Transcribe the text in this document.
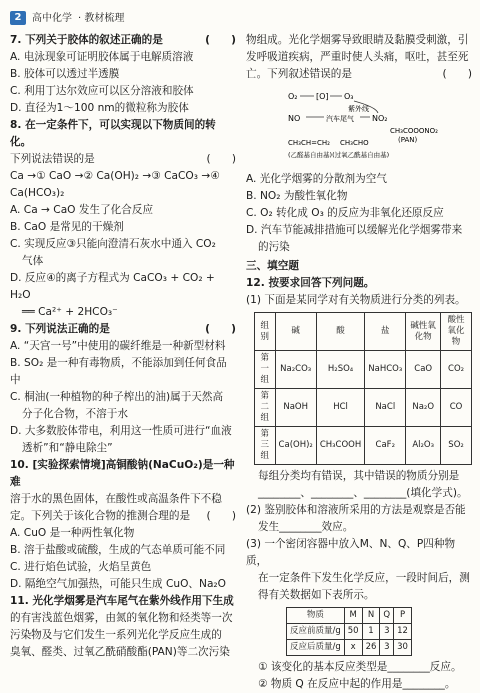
2	高中化学 · 教材梳理
7. 下列关于胶体的叙述正确的是	(　　)
A. 电泳现象可证明胶体属于电解质溶液
B. 胶体可以透过半透膜
C. 利用丁达尔效应可以区分溶液和胶体
D. 直径为1～100 nm的微粒称为胶体
8. 在一定条件下，可以实现以下物质间的转化。
下列说法错误的是	(　　)
Ca →① CaO →② Ca(OH)₂ →③ CaCO₃ →④ Ca(HCO₃)₂
A. Ca → CaO 发生了化合反应
B. CaO 是常见的干燥剂
C. 实现反应③只能向澄清石灰水中通入 CO₂
气体
D. 反应④的离子方程式为 CaCO₃ + CO₂ + H₂O
══ Ca²⁺ + 2HCO₃⁻
9. 下列说法正确的是	(　　)
A. “天宫一号”中使用的碳纤维是一种新型材料
B. SO₂ 是一种有毒物质，不能添加到任何食品中
C. 桐油(一种植物的种子榨出的油)属于天然高
分子化合物，不溶于水
D. 大多数胶体带电，利用这一性质可进行“血液
透析”和“静电除尘”
10. [实验探索情境]高铜酸钠(NaCuO₂)是一种难
溶于水的黑色固体，在酸性或高温条件下不稳
定。下列关于该化合物的推测合理的是 (　　)
A. CuO 是一种两性氧化物
B. 溶于盐酸或硫酸，生成的气态单质可能不同
C. 进行焰色试验，火焰呈黄色
D. 隔绝空气加强热，可能只生成 CuO、Na₂O
11. 光化学烟雾是汽车尾气在紫外线作用下生成
的有害浅蓝色烟雾，由氮的氧化物和烃类等一次
污染物及与它们发生一系列光化学反应生成的
臭氧、醛类、过氧乙酰硝酸酯(PAN)等二次污染
物组成。光化学烟雾导致眼睛及黏膜受刺激，引
发呼吸道疾病，严重时使人头痛，呕吐，甚至死
亡。下列叙述错误的是	(　　)
O₂ [O] O₃
汽车尾气
NO	NO₂
紫外线
CH₃COOONO₂
(PAN)
CH₃CH=CH₂ CH₃CHO
(乙醛基自由基)(过氧乙酰基自由基)
A. 光化学烟雾的分散剂为空气
B. NO₂ 为酸性氧化物
C. O₂ 转化成 O₃ 的反应为非氧化还原反应
D. 汽车节能减排措施可以缓解光化学烟雾带来
的污染
三、填空题
12. 按要求回答下列问题。
(1) 下面是某同学对有关物质进行分类的列表。
组别	碱	酸	盐	碱性氧化物	酸性氧化物
第一组	Na₂CO₃	H₂SO₄	NaHCO₃	CaO	CO₂
第二组	NaOH	HCl	NaCl	Na₂O	CO
第三组	Ca(OH)₂	CH₃COOH	CaF₂	Al₂O₃	SO₂
每组分类均有错误，其中错误的物质分别是
________、________、________(填化学式)。
(2) 鉴别胶体和溶液所采用的方法是观察是否能
发生________效应。
(3) 一个密闭容器中放入M、N、Q、P四种物质，
在一定条件下发生化学反应，一段时间后，测
得有关数据如下表所示。
物质	M	N	Q	P
反应前质量/g	50	1	3	12
反应后质量/g	x	26	3	30
① 该变化的基本反应类型是________反应。
② 物质 Q 在反应中起的作用是________。
